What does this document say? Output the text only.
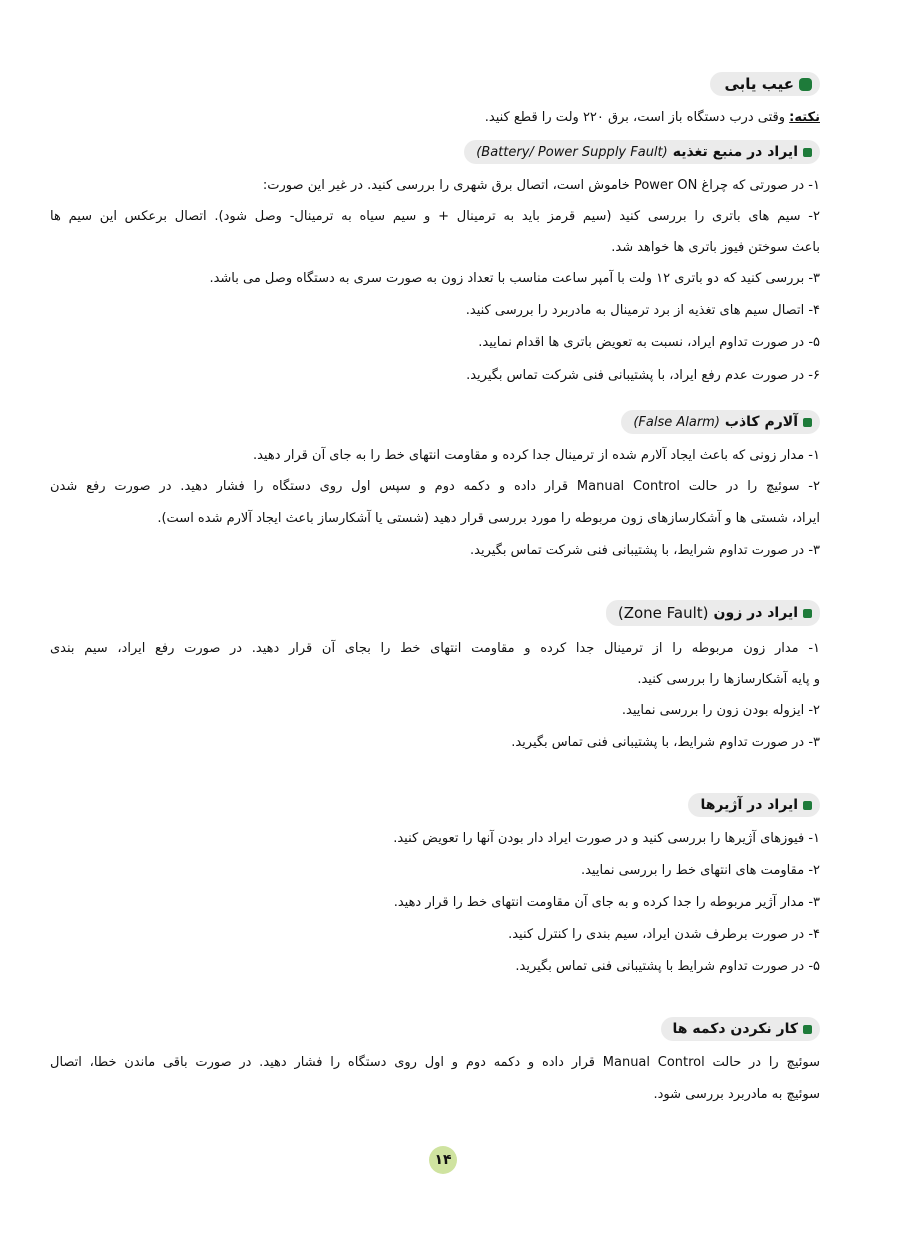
عیب یابی
نکته: وقتی درب دستگاه باز است، برق ۲۲۰ ولت را قطع کنید.
ایراد در منبع تغذیه
(Battery/ Power Supply Fault)
۱- در صورتی که چراغ Power ON خاموش است، اتصال برق شهری را بررسی کنید. در غیر این صورت:
۲- سیم های باتری را بررسی کنید (سیم قرمز باید به ترمینال + و سیم سیاه به ترمینال- وصل شود). اتصال برعکس این سیم ها
باعث سوختن فیوز باتری ها خواهد شد.
۳- بررسی کنید که دو باتری ۱۲ ولت با آمپر ساعت مناسب با تعداد زون به صورت سری به دستگاه وصل می باشد.
۴- اتصال سیم های تغذیه از برد ترمینال به مادربرد را بررسی کنید.
۵- در صورت تداوم ایراد، نسبت به تعویض باتری ها اقدام نمایید.
۶- در صورت عدم رفع ایراد، با پشتیبانی فنی شرکت تماس بگیرید.
آلارم کاذب
(False Alarm)
۱- مدار زونی که باعث ایجاد آلارم شده از ترمینال جدا کرده و مقاومت انتهای خط را به جای آن قرار دهید.
۲- سوئیچ را در حالت Manual Control قرار داده و دکمه دوم و سپس اول روی دستگاه را فشار دهید. در صورت رفع شدن
ایراد، شستی ها و آشکارسازهای زون مربوطه را مورد بررسی قرار دهید (شستی یا آشکارساز باعث ایجاد آلارم شده است).
۳- در صورت تداوم شرایط، با پشتیبانی فنی شرکت تماس بگیرید.
ایراد در زون
(Zone Fault)
۱- مدار زون مربوطه را از ترمینال جدا کرده و مقاومت انتهای خط را بجای آن قرار دهید. در صورت رفع ایراد، سیم بندی
و پایه آشکارسازها را بررسی کنید.
۲- ایزوله بودن زون را بررسی نمایید.
۳- در صورت تداوم شرایط، با پشتیبانی فنی تماس بگیرید.
ایراد در آژیرها
۱- فیوزهای آژیرها را بررسی کنید و در صورت ایراد دار بودن آنها را تعویض کنید.
۲- مقاومت های انتهای خط را بررسی نمایید.
۳- مدار آژیر مربوطه را جدا کرده و به جای آن مقاومت انتهای خط را قرار دهید.
۴- در صورت برطرف شدن ایراد، سیم بندی را کنترل کنید.
۵- در صورت تداوم شرایط با پشتیبانی فنی تماس بگیرید.
کار نکردن دکمه ها
سوئیچ را در حالت Manual Control قرار داده و دکمه دوم و اول روی دستگاه را فشار دهید. در صورت باقی ماندن خطا، اتصال
سوئیچ به مادربرد بررسی شود.
۱۴
